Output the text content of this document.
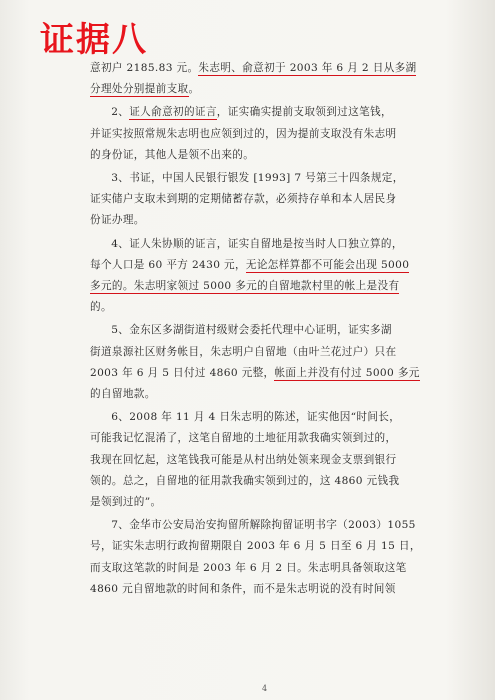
证据八
意初户 2185.83 元。朱志明、俞意初于 2003 年 6 月 2 日从多湖
分理处分别提前支取。
2、证人俞意初的证言，证实确实提前支取领到过这笔钱，
并证实按照常规朱志明也应领到过的，因为提前支取没有朱志明
的身份证，其他人是领不出来的。
3、书证，中国人民银行银发 [1993] 7 号第三十四条规定，
证实储户支取未到期的定期储蓄存款，必须持存单和本人居民身
份证办理。
4、证人朱协顺的证言，证实自留地是按当时人口独立算的，
每个人口是 60 平方 2430 元，无论怎样算都不可能会出现 5000
多元的。朱志明家领过 5000 多元的自留地款村里的帐上是没有
的。
5、金东区多湖街道村级财会委托代理中心证明，证实多湖
街道泉源社区财务帐目，朱志明户自留地（由叶兰花过户）只在
2003 年 6 月 5 日付过 4860 元整，帐面上并没有付过 5000 多元
的自留地款。
6、2008 年 11 月 4 日朱志明的陈述，证实他因“时间长，
可能我记忆混淆了，这笔自留地的土地征用款我确实领到过的，
我现在回忆起，这笔钱我可能是从村出纳处领来现金支票到银行
领的。总之，自留地的征用款我确实领到过的，这 4860 元钱我
是领到过的”。
7、金华市公安局治安拘留所解除拘留证明书字（2003）1055
号，证实朱志明行政拘留期限自 2003 年 6 月 5 日至 6 月 15 日，
而支取这笔款的时间是 2003 年 6 月 2 日。朱志明具备领取这笔
4860 元自留地款的时间和条件，而不是朱志明说的没有时间领
4
